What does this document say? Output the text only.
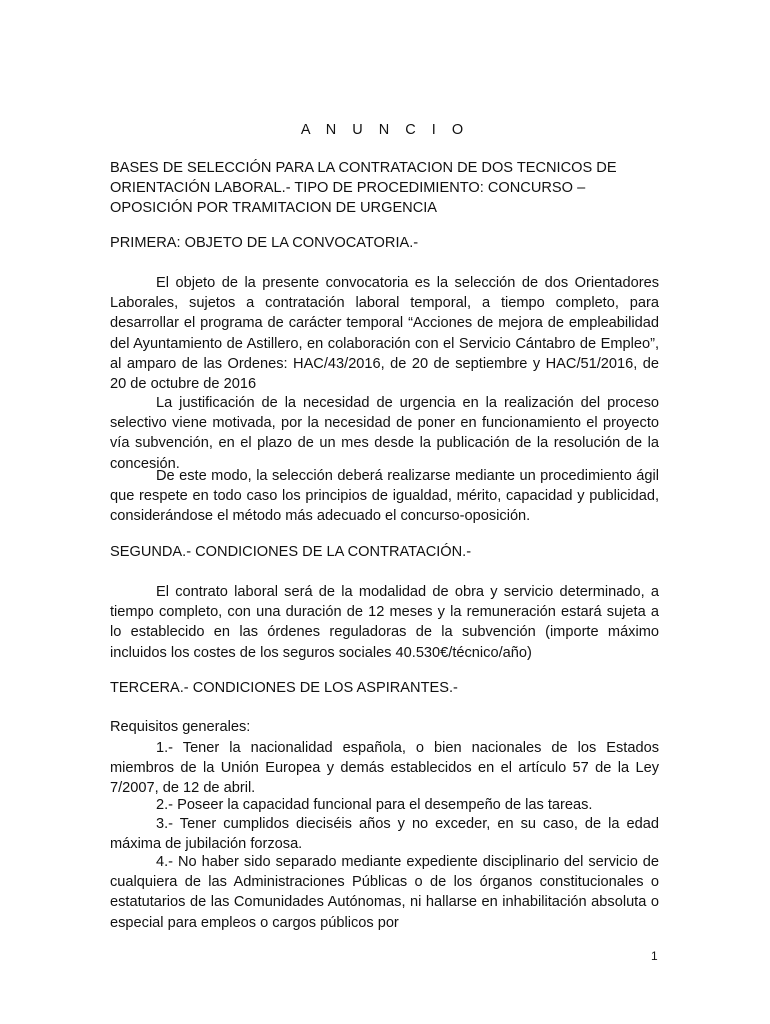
A N U N C I O

BASES DE SELECCIÓN PARA LA CONTRATACION DE DOS TECNICOS DE ORIENTACIÓN LABORAL.- TIPO DE PROCEDIMIENTO: CONCURSO – OPOSICIÓN POR TRAMITACION DE URGENCIA

PRIMERA: OBJETO DE LA CONVOCATORIA.-

El objeto de la presente convocatoria es la selección de dos Orientadores Laborales, sujetos a contratación laboral temporal, a tiempo completo, para desarrollar el programa de carácter temporal “Acciones de mejora de empleabilidad del Ayuntamiento de Astillero, en colaboración con el Servicio Cántabro de Empleo”, al amparo de las Ordenes: HAC/43/2016, de 20 de septiembre y HAC/51/2016, de 20 de octubre de 2016

La justificación de la necesidad de urgencia en la realización del proceso selectivo viene motivada, por la necesidad de poner en funcionamiento el proyecto vía subvención, en el plazo de un mes desde la publicación de la resolución de la concesión.

De este modo, la selección deberá realizarse mediante un procedimiento ágil que respete en todo caso los principios de igualdad, mérito, capacidad y publicidad, considerándose el método más adecuado el concurso-oposición.

SEGUNDA.- CONDICIONES DE LA CONTRATACIÓN.-

El contrato laboral será de la modalidad de obra y servicio determinado, a tiempo completo, con una duración de 12 meses y la remuneración estará sujeta a lo establecido en las órdenes reguladoras de la subvención (importe máximo incluidos los costes de los seguros sociales 40.530€/técnico/año)

TERCERA.- CONDICIONES DE LOS ASPIRANTES.-

Requisitos generales:

1.- Tener la nacionalidad española, o bien nacionales de los Estados miembros de la Unión Europea y demás establecidos en el artículo 57 de la Ley 7/2007, de 12 de abril.

2.- Poseer la capacidad funcional para el desempeño de las tareas.

3.- Tener cumplidos dieciséis años y no exceder, en su caso, de la edad máxima de jubilación forzosa.

4.- No haber sido separado mediante expediente disciplinario del servicio de cualquiera de las Administraciones Públicas o de los órganos constitucionales o estatutarios de las Comunidades Autónomas, ni hallarse en inhabilitación absoluta o especial para empleos o cargos públicos por

1
